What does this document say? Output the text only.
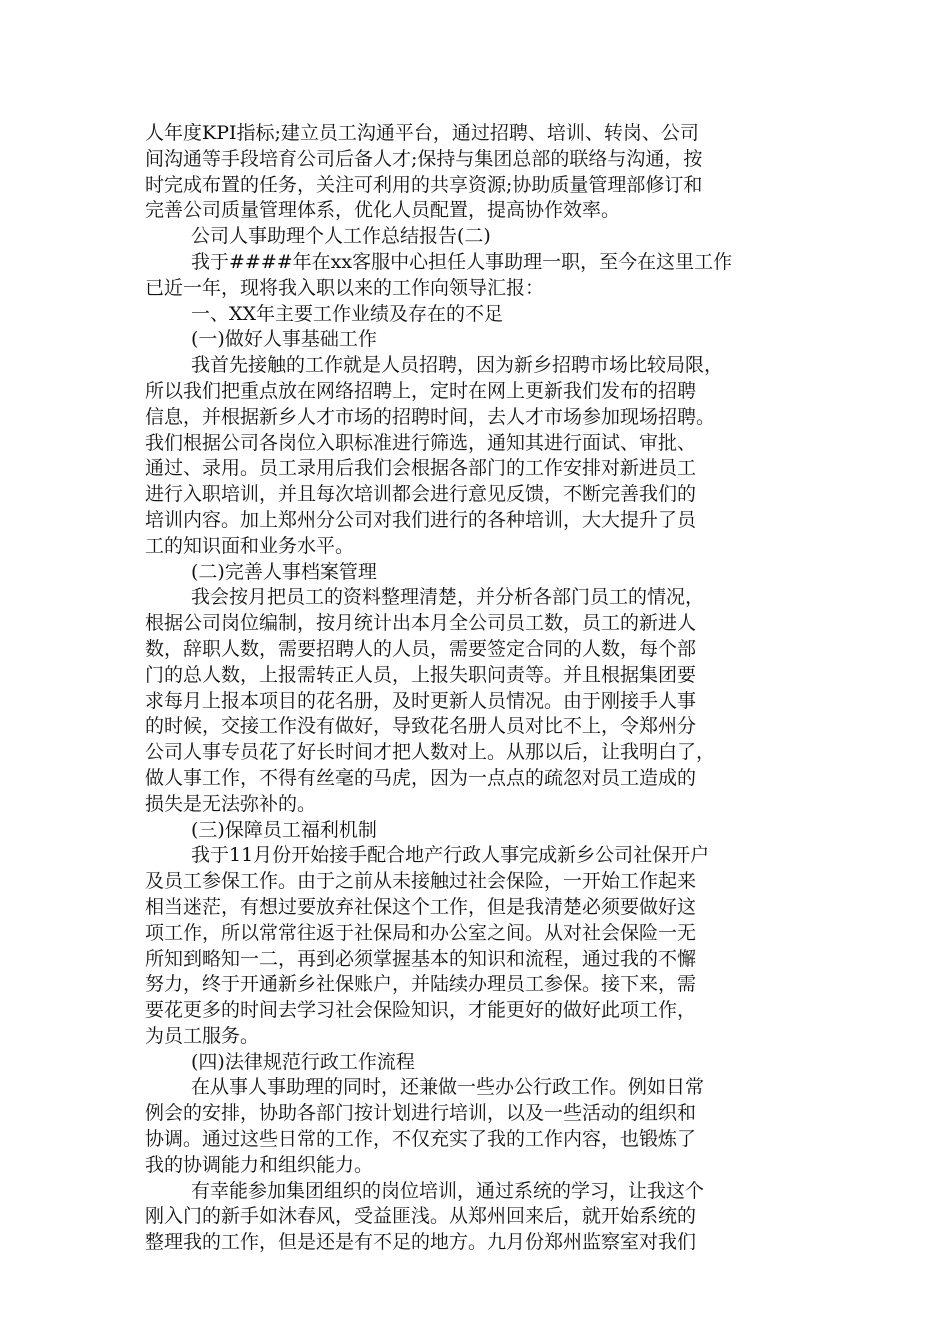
人年度KPI指标;建立员工沟通平台，通过招聘、培训、转岗、公司
间沟通等手段培育公司后备人才;保持与集团总部的联络与沟通，按
时完成布置的任务，关注可利用的共享资源;协助质量管理部修订和
完善公司质量管理体系，优化人员配置，提高协作效率。
公司人事助理个人工作总结报告(二)
我于####年在xx客服中心担任人事助理一职，至今在这里工作
已近一年，现将我入职以来的工作向领导汇报：
一、XX年主要工作业绩及存在的不足
(一)做好人事基础工作
我首先接触的工作就是人员招聘，因为新乡招聘市场比较局限，
所以我们把重点放在网络招聘上，定时在网上更新我们发布的招聘
信息，并根据新乡人才市场的招聘时间，去人才市场参加现场招聘。
我们根据公司各岗位入职标准进行筛选，通知其进行面试、审批、
通过、录用。员工录用后我们会根据各部门的工作安排对新进员工
进行入职培训，并且每次培训都会进行意见反馈，不断完善我们的
培训内容。加上郑州分公司对我们进行的各种培训，大大提升了员
工的知识面和业务水平。
(二)完善人事档案管理
我会按月把员工的资料整理清楚，并分析各部门员工的情况，
根据公司岗位编制，按月统计出本月全公司员工数，员工的新进人
数，辞职人数，需要招聘人的人员，需要签定合同的人数，每个部
门的总人数，上报需转正人员，上报失职问责等。并且根据集团要
求每月上报本项目的花名册，及时更新人员情况。由于刚接手人事
的时候，交接工作没有做好，导致花名册人员对比不上，令郑州分
公司人事专员花了好长时间才把人数对上。从那以后，让我明白了，
做人事工作，不得有丝毫的马虎，因为一点点的疏忽对员工造成的
损失是无法弥补的。
(三)保障员工福利机制
我于11月份开始接手配合地产行政人事完成新乡公司社保开户
及员工参保工作。由于之前从未接触过社会保险，一开始工作起来
相当迷茫，有想过要放弃社保这个工作，但是我清楚必须要做好这
项工作，所以常常往返于社保局和办公室之间。从对社会保险一无
所知到略知一二，再到必须掌握基本的知识和流程，通过我的不懈
努力，终于开通新乡社保账户，并陆续办理员工参保。接下来，需
要花更多的时间去学习社会保险知识，才能更好的做好此项工作，
为员工服务。
(四)法律规范行政工作流程
在从事人事助理的同时，还兼做一些办公行政工作。例如日常
例会的安排，协助各部门按计划进行培训，以及一些活动的组织和
协调。通过这些日常的工作，不仅充实了我的工作内容，也锻炼了
我的协调能力和组织能力。
有幸能参加集团组织的岗位培训，通过系统的学习，让我这个
刚入门的新手如沐春风，受益匪浅。从郑州回来后，就开始系统的
整理我的工作，但是还是有不足的地方。九月份郑州监察室对我们
